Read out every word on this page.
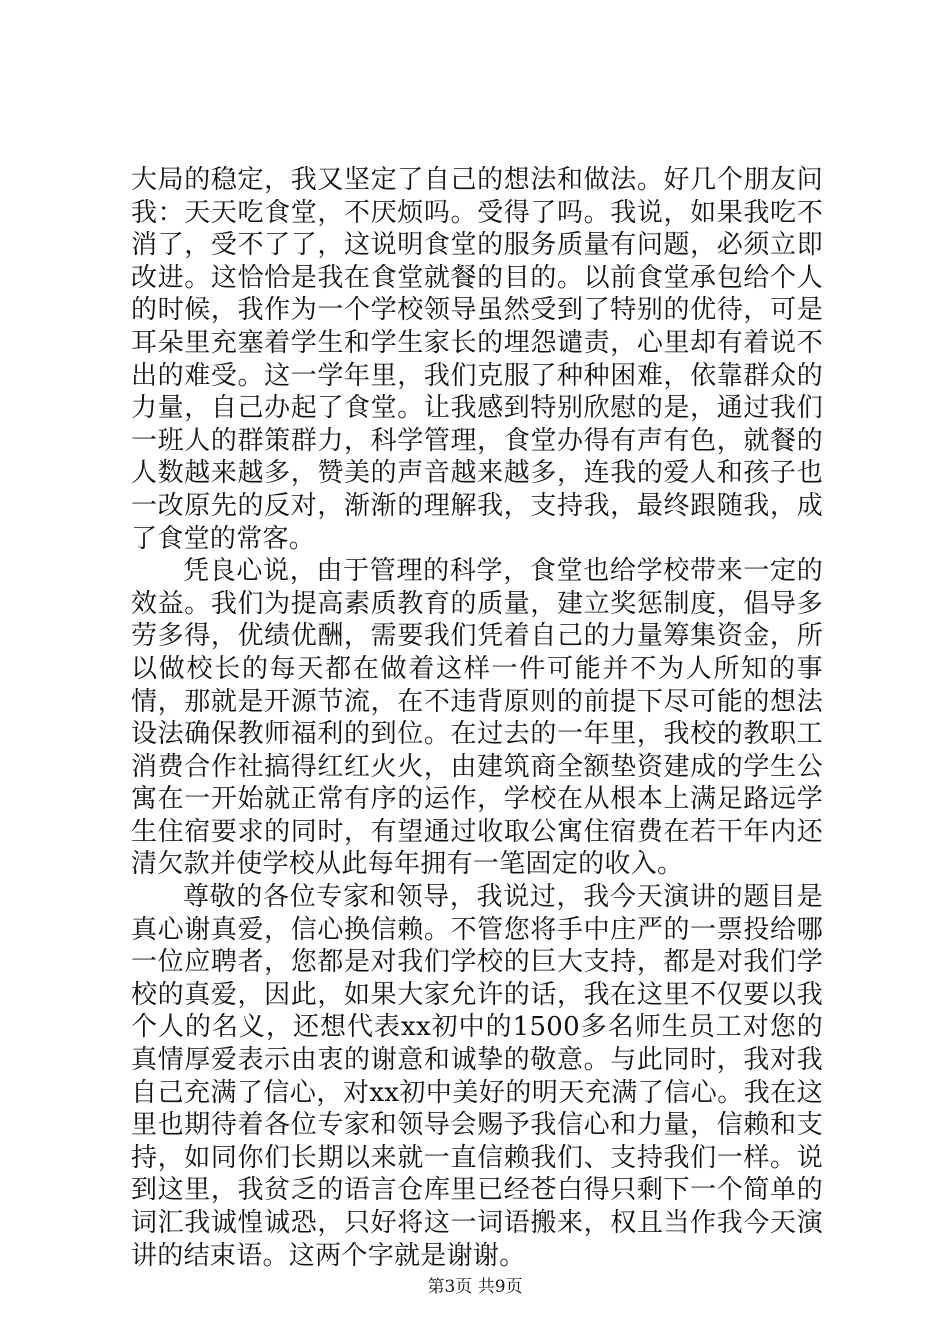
大局的稳定，我又坚定了自己的想法和做法。好几个朋友问我：天天吃食堂，不厌烦吗。受得了吗。我说，如果我吃不消了，受不了了，这说明食堂的服务质量有问题，必须立即改进。这恰恰是我在食堂就餐的目的。以前食堂承包给个人的时候，我作为一个学校领导虽然受到了特别的优待，可是耳朵里充塞着学生和学生家长的埋怨谴责，心里却有着说不出的难受。这一学年里，我们克服了种种困难，依靠群众的力量，自己办起了食堂。让我感到特别欣慰的是，通过我们一班人的群策群力，科学管理，食堂办得有声有色，就餐的人数越来越多，赞美的声音越来越多，连我的爱人和孩子也一改原先的反对，渐渐的理解我，支持我，最终跟随我，成了食堂的常客。

凭良心说，由于管理的科学，食堂也给学校带来一定的效益。我们为提高素质教育的质量，建立奖惩制度，倡导多劳多得，优绩优酬，需要我们凭着自己的力量筹集资金，所以做校长的每天都在做着这样一件可能并不为人所知的事情，那就是开源节流，在不违背原则的前提下尽可能的想法设法确保教师福利的到位。在过去的一年里，我校的教职工消费合作社搞得红红火火，由建筑商全额垫资建成的学生公寓在一开始就正常有序的运作，学校在从根本上满足路远学生住宿要求的同时，有望通过收取公寓住宿费在若干年内还清欠款并使学校从此每年拥有一笔固定的收入。

尊敬的各位专家和领导，我说过，我今天演讲的题目是真心谢真爱，信心换信赖。不管您将手中庄严的一票投给哪一位应聘者，您都是对我们学校的巨大支持，都是对我们学校的真爱，因此，如果大家允许的话，我在这里不仅要以我个人的名义，还想代表xx初中的1500多名师生员工对您的真情厚爱表示由衷的谢意和诚挚的敬意。与此同时，我对我自己充满了信心，对xx初中美好的明天充满了信心。我在这里也期待着各位专家和领导会赐予我信心和力量，信赖和支持，如同你们长期以来就一直信赖我们、支持我们一样。说到这里，我贫乏的语言仓库里已经苍白得只剩下一个简单的词汇我诚惶诚恐，只好将这一词语搬来，权且当作我今天演讲的结束语。这两个字就是谢谢。

第3页 共9页
